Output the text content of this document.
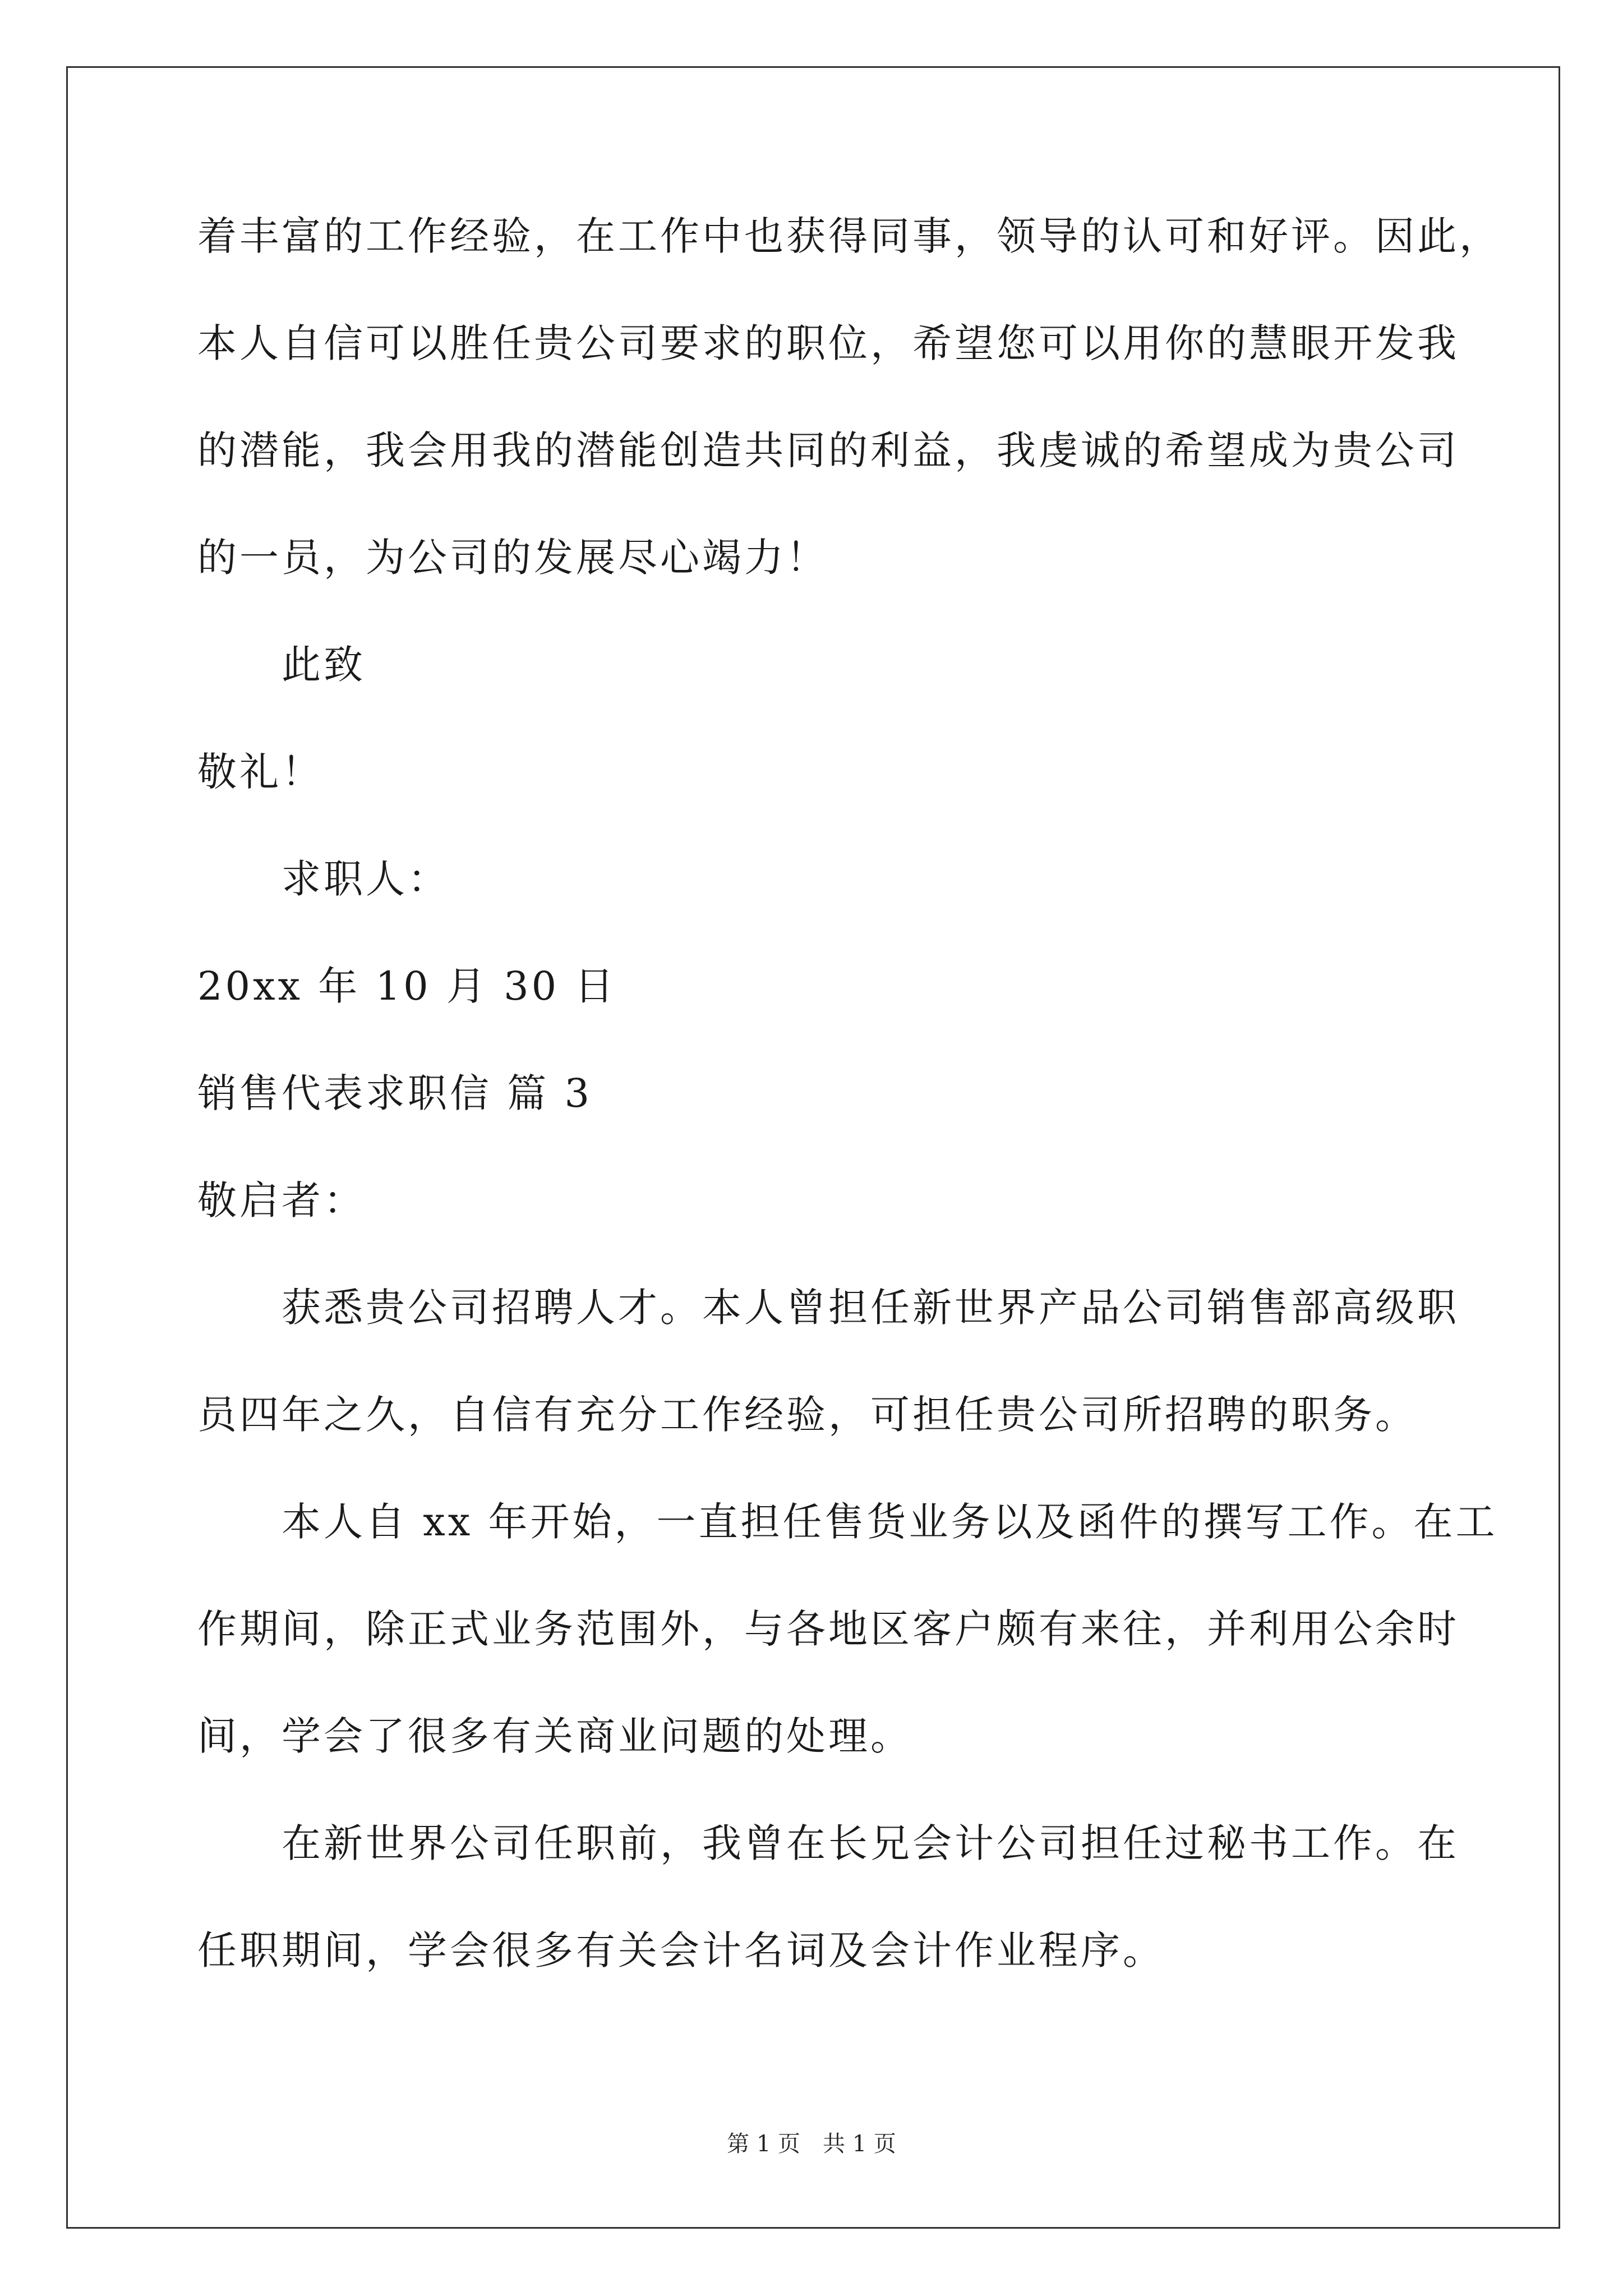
着丰富的工作经验，在工作中也获得同事，领导的认可和好评。因此，
本人自信可以胜任贵公司要求的职位，希望您可以用你的慧眼开发我
的潜能，我会用我的潜能创造共同的利益，我虔诚的希望成为贵公司
的一员，为公司的发展尽心竭力！
此致
敬礼！
求职人：
20xx 年 10 月 30 日
销售代表求职信 篇 3
敬启者：
获悉贵公司招聘人才。本人曾担任新世界产品公司销售部高级职
员四年之久，自信有充分工作经验，可担任贵公司所招聘的职务。
本人自 xx 年开始，一直担任售货业务以及函件的撰写工作。在工
作期间，除正式业务范围外，与各地区客户颇有来往，并利用公余时
间，学会了很多有关商业问题的处理。
在新世界公司任职前，我曾在长兄会计公司担任过秘书工作。在
任职期间，学会很多有关会计名词及会计作业程序。
第 1 页 共 1 页
